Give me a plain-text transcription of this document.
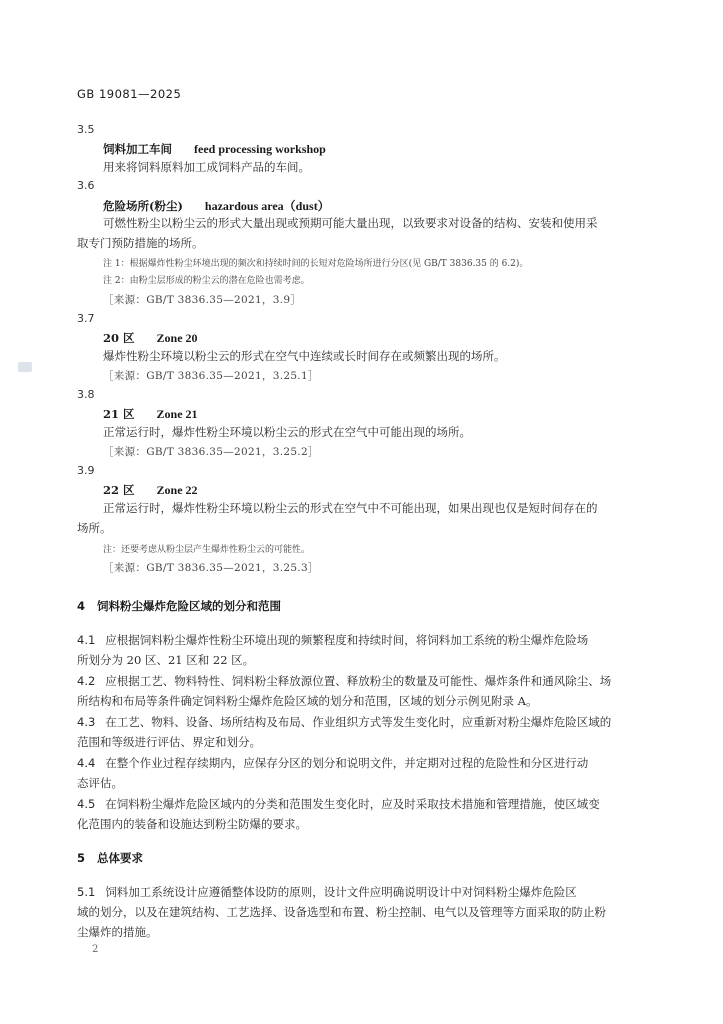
GB 19081—2025

3.5

饲料加工车间 feed processing workshop

用来将饲料原料加工成饲料产品的车间。

3.6

危险场所(粉尘) hazardous area（dust）

可燃性粉尘以粉尘云的形式大量出现或预期可能大量出现，以致要求对设备的结构、安装和使用采

取专门预防措施的场所。

注 1：根据爆炸性粉尘环境出现的频次和持续时间的长短对危险场所进行分区(见 GB/T 3836.35 的 6.2)。

注 2：由粉尘层形成的粉尘云的潜在危险也需考虑。

［来源：GB/T 3836.35—2021，3.9］

3.7

20 区 Zone 20

爆炸性粉尘环境以粉尘云的形式在空气中连续或长时间存在或频繁出现的场所。

［来源：GB/T 3836.35—2021，3.25.1］

3.8

21 区 Zone 21

正常运行时，爆炸性粉尘环境以粉尘云的形式在空气中可能出现的场所。

［来源：GB/T 3836.35—2021，3.25.2］

3.9

22 区 Zone 22

正常运行时，爆炸性粉尘环境以粉尘云的形式在空气中不可能出现，如果出现也仅是短时间存在的

场所。

注：还要考虑从粉尘层产生爆炸性粉尘云的可能性。

［来源：GB/T 3836.35—2021，3.25.3］

4 饲料粉尘爆炸危险区域的划分和范围

4.1 应根据饲料粉尘爆炸性粉尘环境出现的频繁程度和持续时间，将饲料加工系统的粉尘爆炸危险场

所划分为 20 区、21 区和 22 区。

4.2 应根据工艺、物料特性、饲料粉尘释放源位置、释放粉尘的数量及可能性、爆炸条件和通风除尘、场

所结构和布局等条件确定饲料粉尘爆炸危险区域的划分和范围，区域的划分示例见附录 A。

4.3 在工艺、物料、设备、场所结构及布局、作业组织方式等发生变化时，应重新对粉尘爆炸危险区域的

范围和等级进行评估、界定和划分。

4.4 在整个作业过程存续期内，应保存分区的划分和说明文件，并定期对过程的危险性和分区进行动

态评估。

4.5 在饲料粉尘爆炸危险区域内的分类和范围发生变化时，应及时采取技术措施和管理措施，使区域变

化范围内的装备和设施达到粉尘防爆的要求。

5 总体要求

5.1 饲料加工系统设计应遵循整体设防的原则，设计文件应明确说明设计中对饲料粉尘爆炸危险区

域的划分，以及在建筑结构、工艺选择、设备选型和布置、粉尘控制、电气以及管理等方面采取的防止粉

尘爆炸的措施。

2
